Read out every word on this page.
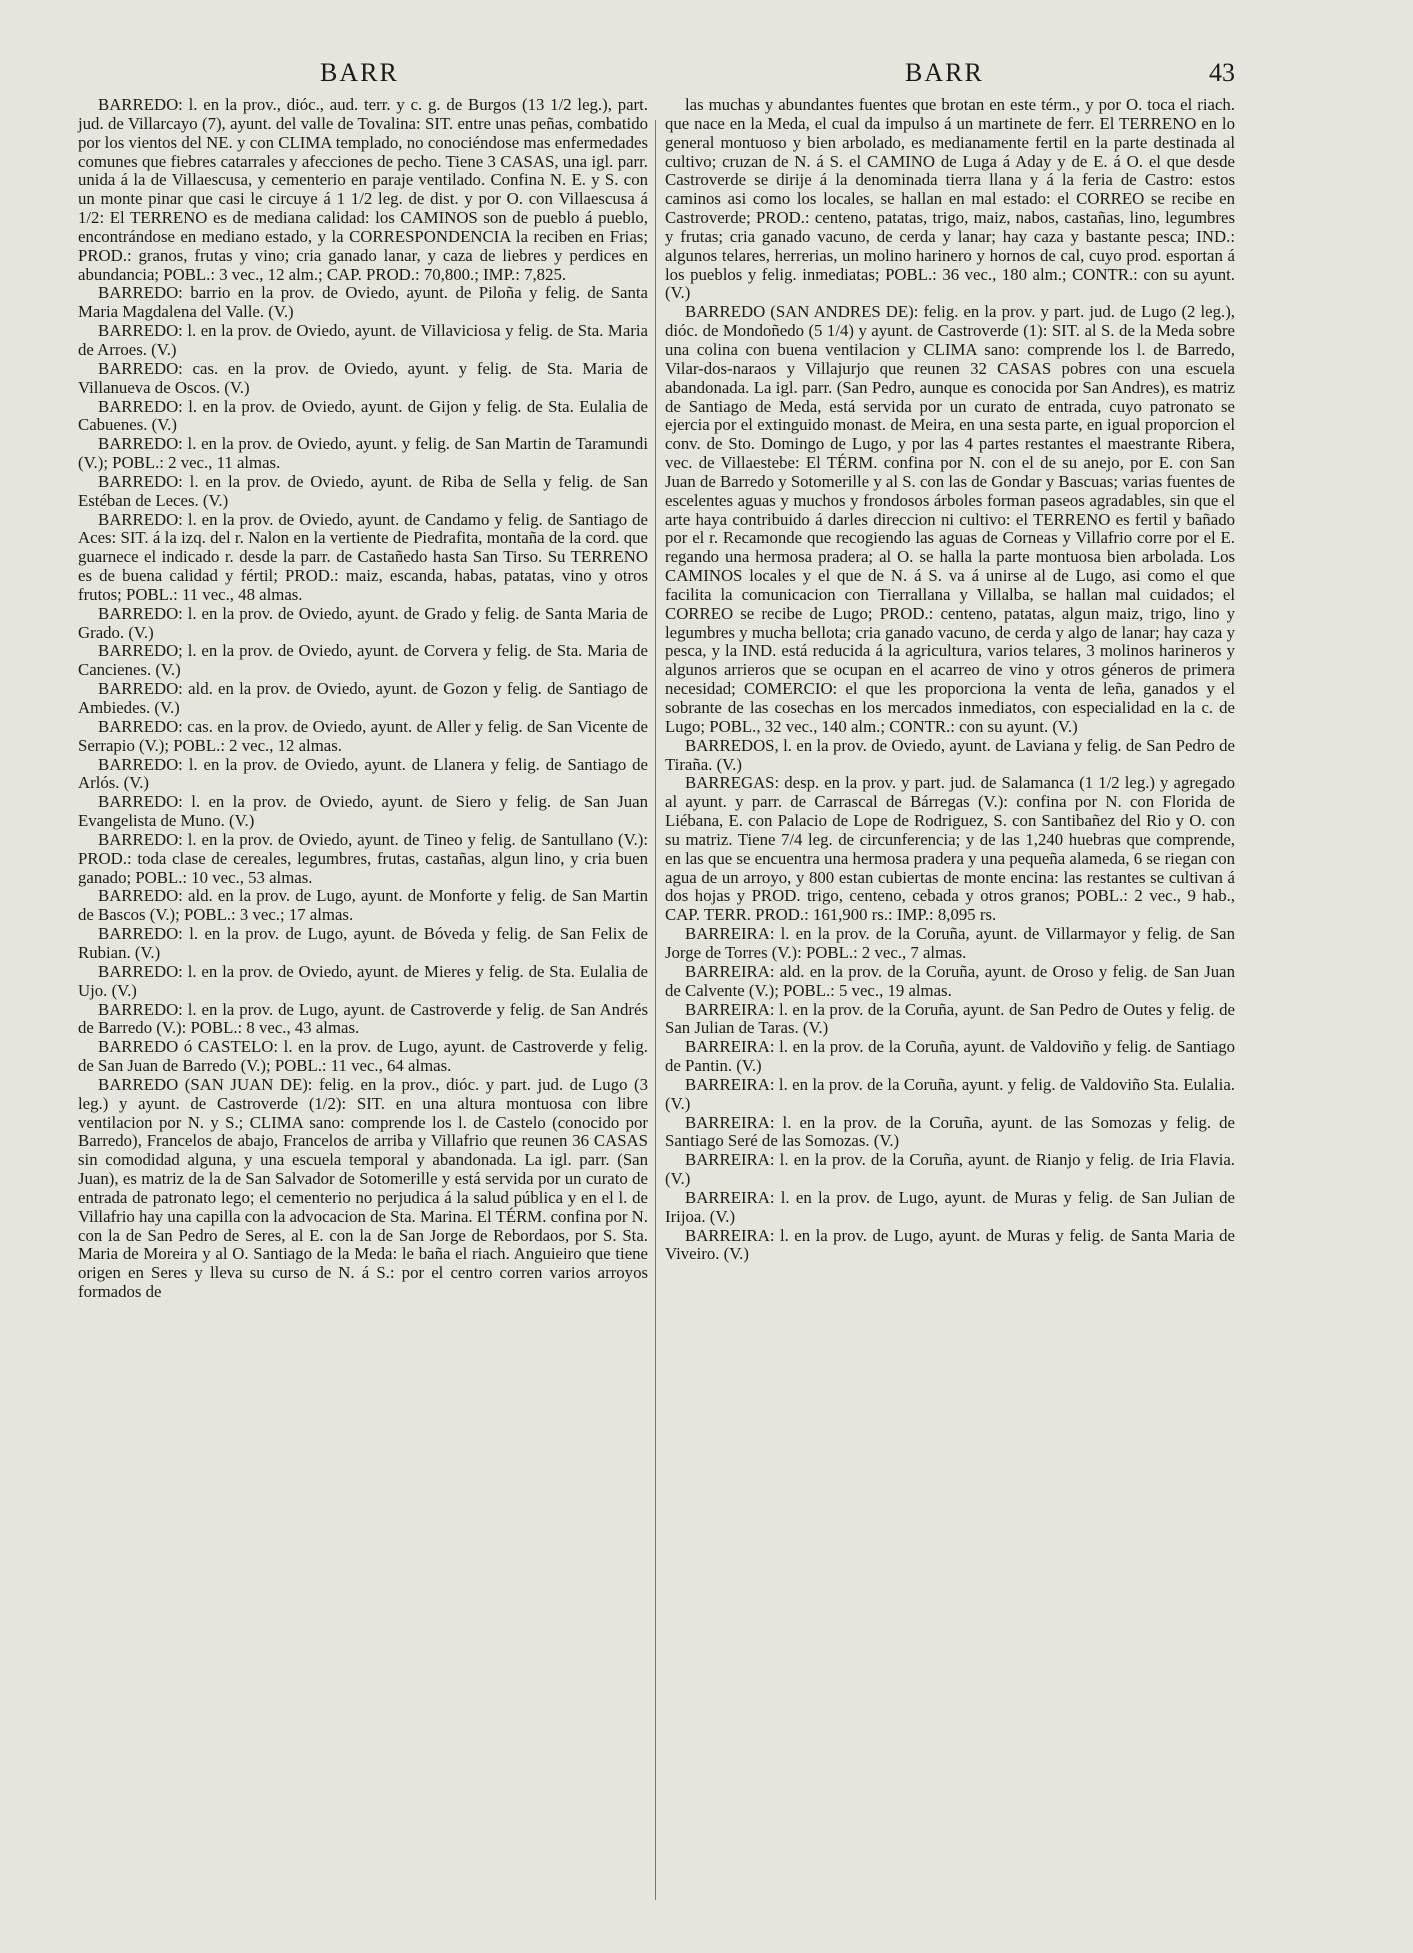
BARR	BARR	43

BARREDO: l. en la prov., dióc., aud. terr. y c. g. de Burgos (13 1/2 leg.), part. jud. de Villarcayo (7), ayunt. del valle de Tovalina: SIT. entre unas peñas, combatido por los vientos del NE. y con CLIMA templado, no conociéndose mas enfermedades comunes que fiebres catarrales y afecciones de pecho. Tiene 3 CASAS, una igl. parr. unida á la de Villaescusa, y cementerio en paraje ventilado. Confina N. E. y S. con un monte pinar que casi le circuye á 1 1/2 leg. de dist. y por O. con Villaescusa á 1/2: El TERRENO es de mediana calidad: los CAMINOS son de pueblo á pueblo, encontrándose en mediano estado, y la CORRESPONDENCIA la reciben en Frias; PROD.: granos, frutas y vino; cria ganado lanar, y caza de liebres y perdices en abundancia; POBL.: 3 vec., 12 alm.; CAP. PROD.: 70,800.; IMP.: 7,825.

BARREDO: barrio en la prov. de Oviedo, ayunt. de Piloña y felig. de Santa Maria Magdalena del Valle. (V.)

BARREDO: l. en la prov. de Oviedo, ayunt. de Villaviciosa y felig. de Sta. Maria de Arroes. (V.)

BARREDO: cas. en la prov. de Oviedo, ayunt. y felig. de Sta. Maria de Villanueva de Oscos. (V.)

BARREDO: l. en la prov. de Oviedo, ayunt. de Gijon y felig. de Sta. Eulalia de Cabuenes. (V.)

BARREDO: l. en la prov. de Oviedo, ayunt. y felig. de San Martin de Taramundi (V.); POBL.: 2 vec., 11 almas.

BARREDO: l. en la prov. de Oviedo, ayunt. de Riba de Sella y felig. de San Estéban de Leces. (V.)

BARREDO: l. en la prov. de Oviedo, ayunt. de Candamo y felig. de Santiago de Aces: SIT. á la izq. del r. Nalon en la vertiente de Piedrafita, montaña de la cord. que guarnece el indicado r. desde la parr. de Castañedo hasta San Tirso. Su TERRENO es de buena calidad y fértil; PROD.: maiz, escanda, habas, patatas, vino y otros frutos; POBL.: 11 vec., 48 almas.

BARREDO: l. en la prov. de Oviedo, ayunt. de Grado y felig. de Santa Maria de Grado. (V.)

BARREDO; l. en la prov. de Oviedo, ayunt. de Corvera y felig. de Sta. Maria de Cancienes. (V.)

BARREDO: ald. en la prov. de Oviedo, ayunt. de Gozon y felig. de Santiago de Ambiedes. (V.)

BARREDO: cas. en la prov. de Oviedo, ayunt. de Aller y felig. de San Vicente de Serrapio (V.); POBL.: 2 vec., 12 almas.

BARREDO: l. en la prov. de Oviedo, ayunt. de Llanera y felig. de Santiago de Arlós. (V.)

BARREDO: l. en la prov. de Oviedo, ayunt. de Siero y felig. de San Juan Evangelista de Muno. (V.)

BARREDO: l. en la prov. de Oviedo, ayunt. de Tineo y felig. de Santullano (V.): PROD.: toda clase de cereales, legumbres, frutas, castañas, algun lino, y cria buen ganado; POBL.: 10 vec., 53 almas.

BARREDO: ald. en la prov. de Lugo, ayunt. de Monforte y felig. de San Martin de Bascos (V.); POBL.: 3 vec.; 17 almas.

BARREDO: l. en la prov. de Lugo, ayunt. de Bóveda y felig. de San Felix de Rubian. (V.)

BARREDO: l. en la prov. de Oviedo, ayunt. de Mieres y felig. de Sta. Eulalia de Ujo. (V.)

BARREDO: l. en la prov. de Lugo, ayunt. de Castroverde y felig. de San Andrés de Barredo (V.): POBL.: 8 vec., 43 almas.

BARREDO ó CASTELO: l. en la prov. de Lugo, ayunt. de Castroverde y felig. de San Juan de Barredo (V.); POBL.: 11 vec., 64 almas.

BARREDO (SAN JUAN DE): felig. en la prov., dióc. y part. jud. de Lugo (3 leg.) y ayunt. de Castroverde (1/2): SIT. en una altura montuosa con libre ventilacion por N. y S.; CLIMA sano: comprende los l. de Castelo (conocido por Barredo), Francelos de abajo, Francelos de arriba y Villafrio que reunen 36 CASAS sin comodidad alguna, y una escuela temporal y abandonada. La igl. parr. (San Juan), es matriz de la de San Salvador de Sotomerille y está servida por un curato de entrada de patronato lego; el cementerio no perjudica á la salud pública y en el l. de Villafrio hay una capilla con la advocacion de Sta. Marina. El TÉRM. confina por N. con la de San Pedro de Seres, al E. con la de San Jorge de Rebordaos, por S. Sta. Maria de Moreira y al O. Santiago de la Meda: le baña el riach. Anguieiro que tiene origen en Seres y lleva su curso de N. á S.: por el centro corren varios arroyos formados de

las muchas y abundantes fuentes que brotan en este térm., y por O. toca el riach. que nace en la Meda, el cual da impulso á un martinete de ferr. El TERRENO en lo general montuoso y bien arbolado, es medianamente fertil en la parte destinada al cultivo; cruzan de N. á S. el CAMINO de Luga á Aday y de E. á O. el que desde Castroverde se dirije á la denominada tierra llana y á la feria de Castro: estos caminos asi como los locales, se hallan en mal estado: el CORREO se recibe en Castroverde; PROD.: centeno, patatas, trigo, maiz, nabos, castañas, lino, legumbres y frutas; cria ganado vacuno, de cerda y lanar; hay caza y bastante pesca; IND.: algunos telares, herrerias, un molino harinero y hornos de cal, cuyo prod. esportan á los pueblos y felig. inmediatas; POBL.: 36 vec., 180 alm.; CONTR.: con su ayunt. (V.)

BARREDO (SAN ANDRES DE): felig. en la prov. y part. jud. de Lugo (2 leg.), dióc. de Mondoñedo (5 1/4) y ayunt. de Castroverde (1): SIT. al S. de la Meda sobre una colina con buena ventilacion y CLIMA sano: comprende los l. de Barredo, Vilar-dos-naraos y Villajurjo que reunen 32 CASAS pobres con una escuela abandonada. La igl. parr. (San Pedro, aunque es conocida por San Andres), es matriz de Santiago de Meda, está servida por un curato de entrada, cuyo patronato se ejercia por el extinguido monast. de Meira, en una sesta parte, en igual proporcion el conv. de Sto. Domingo de Lugo, y por las 4 partes restantes el maestrante Ribera, vec. de Villaestebe: El TÉRM. confina por N. con el de su anejo, por E. con San Juan de Barredo y Sotomerille y al S. con las de Gondar y Bascuas; varias fuentes de escelentes aguas y muchos y frondosos árboles forman paseos agradables, sin que el arte haya contribuido á darles direccion ni cultivo: el TERRENO es fertil y bañado por el r. Recamonde que recogiendo las aguas de Corneas y Villafrio corre por el E. regando una hermosa pradera; al O. se halla la parte montuosa bien arbolada. Los CAMINOS locales y el que de N. á S. va á unirse al de Lugo, asi como el que facilita la comunicacion con Tierrallana y Villalba, se hallan mal cuidados; el CORREO se recibe de Lugo; PROD.: centeno, patatas, algun maiz, trigo, lino y legumbres y mucha bellota; cria ganado vacuno, de cerda y algo de lanar; hay caza y pesca, y la IND. está reducida á la agricultura, varios telares, 3 molinos harineros y algunos arrieros que se ocupan en el acarreo de vino y otros géneros de primera necesidad; COMERCIO: el que les proporciona la venta de leña, ganados y el sobrante de las cosechas en los mercados inmediatos, con especialidad en la c. de Lugo; POBL., 32 vec., 140 alm.; CONTR.: con su ayunt. (V.)

BARREDOS, l. en la prov. de Oviedo, ayunt. de Laviana y felig. de San Pedro de Tiraña. (V.)

BARREGAS: desp. en la prov. y part. jud. de Salamanca (1 1/2 leg.) y agregado al ayunt. y parr. de Carrascal de Bárregas (V.): confina por N. con Florida de Liébana, E. con Palacio de Lope de Rodriguez, S. con Santibañez del Rio y O. con su matriz. Tiene 7/4 leg. de circunferencia; y de las 1,240 huebras que comprende, en las que se encuentra una hermosa pradera y una pequeña alameda, 6 se riegan con agua de un arroyo, y 800 estan cubiertas de monte encina: las restantes se cultivan á dos hojas y PROD. trigo, centeno, cebada y otros granos; POBL.: 2 vec., 9 hab., CAP. TERR. PROD.: 161,900 rs.: IMP.: 8,095 rs.

BARREIRA: l. en la prov. de la Coruña, ayunt. de Villarmayor y felig. de San Jorge de Torres (V.): POBL.: 2 vec., 7 almas.

BARREIRA: ald. en la prov. de la Coruña, ayunt. de Oroso y felig. de San Juan de Calvente (V.); POBL.: 5 vec., 19 almas.

BARREIRA: l. en la prov. de la Coruña, ayunt. de San Pedro de Outes y felig. de San Julian de Taras. (V.)

BARREIRA: l. en la prov. de la Coruña, ayunt. de Valdoviño y felig. de Santiago de Pantin. (V.)

BARREIRA: l. en la prov. de la Coruña, ayunt. y felig. de Valdoviño Sta. Eulalia. (V.)

BARREIRA: l. en la prov. de la Coruña, ayunt. de las Somozas y felig. de Santiago Seré de las Somozas. (V.)

BARREIRA: l. en la prov. de la Coruña, ayunt. de Rianjo y felig. de Iria Flavia. (V.)

BARREIRA: l. en la prov. de Lugo, ayunt. de Muras y felig. de San Julian de Irijoa. (V.)

BARREIRA: l. en la prov. de Lugo, ayunt. de Muras y felig. de Santa Maria de Viveiro. (V.)
